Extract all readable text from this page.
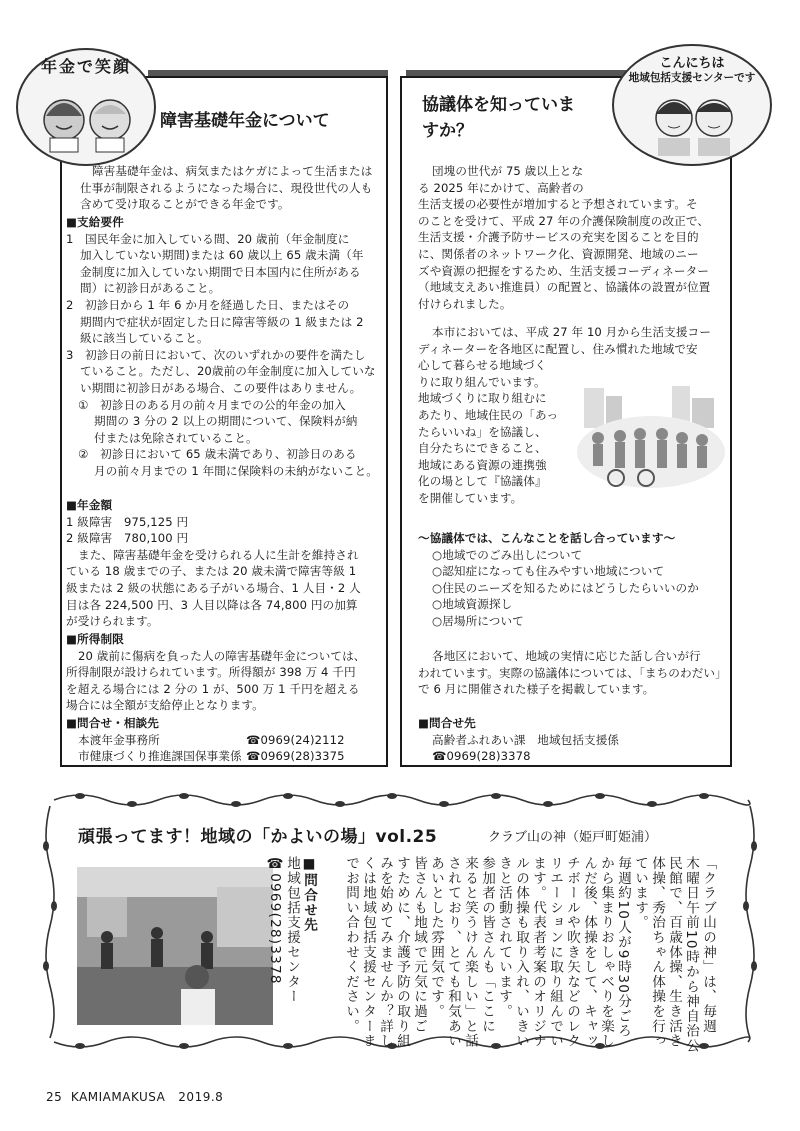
年金で笑顔
障害基礎年金について
障害基礎年金は、病気またはケガによって生活または
仕事が制限されるようになった場合に、現役世代の人も
含めて受け取ることができる年金です。
■支給要件
1　国民年金に加入している間、20 歳前（年金制度に
加入していない期間)または 60 歳以上 65 歳未満（年
金制度に加入していない期間で日本国内に住所がある
間）に初診日があること。
2　初診日から 1 年 6 か月を経過した日、またはその
期間内で症状が固定した日に障害等級の 1 級または 2
級に該当していること。
3　初診日の前日において、次のいずれかの要件を満たし
ていること。ただし、20歳前の年金制度に加入していな
い期間に初診日がある場合、この要件はありません。
①　初診日のある月の前々月までの公的年金の加入
期間の 3 分の 2 以上の期間について、保険料が納
付または免除されていること。
②　初診日において 65 歳未満であり、初診日のある
月の前々月までの 1 年間に保険料の未納がないこと。
■年金額
1 級障害　975,125 円
2 級障害　780,100 円
また、障害基礎年金を受けられる人に生計を維持され
ている 18 歳までの子、または 20 歳未満で障害等級 1
級または 2 級の状態にある子がいる場合、1 人目・2 人
目は各 224,500 円、3 人目以降は各 74,800 円の加算
が受けられます。
■所得制限
20 歳前に傷病を負った人の障害基礎年金については、
所得制限が設けられています。所得額が 398 万 4 千円
を超える場合には 2 分の 1 が、500 万 1 千円を超える
場合には全額が支給停止となります。
■問合せ・相談先
本渡年金事務所	☎0969(24)2112
市健康づくり推進課国保事業係 ☎0969(28)3375
こんにちは
地域包括支援センターです
協議体を知っていま
すか？
団塊の世代が 75 歳以上とな
る 2025 年にかけて、高齢者の
生活支援の必要性が増加すると予想されています。そ
のことを受けて、平成 27 年の介護保険制度の改正で、
生活支援・介護予防サービスの充実を図ることを目的
に、関係者のネットワーク化、資源開発、地域のニー
ズや資源の把握をするため、生活支援コーディネーター
（地域支えあい推進員）の配置と、協議体の設置が位置
付けられました。
本市においては、平成 27 年 10 月から生活支援コー
ディネーターを各地区に配置し、住み慣れた地域で安
心して暮らせる地域づく
りに取り組んでいます。
地域づくりに取り組むに
あたり、地域住民の「あっ
たらいいね」を協議し、
自分たちにできること、
地域にある資源の連携強
化の場として『協議体』
を開催しています。
～協議体では、こんなことを話し合っています～
○地域でのごみ出しについて
○認知症になっても住みやすい地域について
○住民のニーズを知るためにはどうしたらいいのか
○地域資源探し
○居場所について
各地区において、地域の実情に応じた話し合いが行
われています。実際の協議体については、「まちのわだい」
で 6 月に開催された様子を掲載しています。
■問合せ先
高齢者ふれあい課　地域包括支援係
☎0969(28)3378
頑張ってます！地域の「かよいの場」vol.25	クラブ山の神（姫戸町姫浦）
■問合せ先
地域包括支援センター
☎0969(28)3378	「クラブ山の神」は、毎週
木曜日午前10時から神自治公
民館で、百歳体操、生き活き
体操、秀治ちゃん体操を行っ
ています。
毎週約10人が9時30分ごろ
から集まりおしゃべりを楽し
んだ後、体操をして、キャッ
チボールや吹き矢などのレク
リエーションに取り組んでい
ます。代表者考案のオリジナ
ルの体操も取り入れ、いきい
きと活動されています。
参加者の皆さんも「ここに
来ると笑うけん楽しい」と話
されており、とても和気あい
あいとした雰囲気です。
皆さんも地域で元気に過ご
すために、介護予防の取り組
みを始めてみませんか？詳し
くは地域包括支援センターま
でお問い合わせください。
25 KAMIAMAKUSA 2019.8
